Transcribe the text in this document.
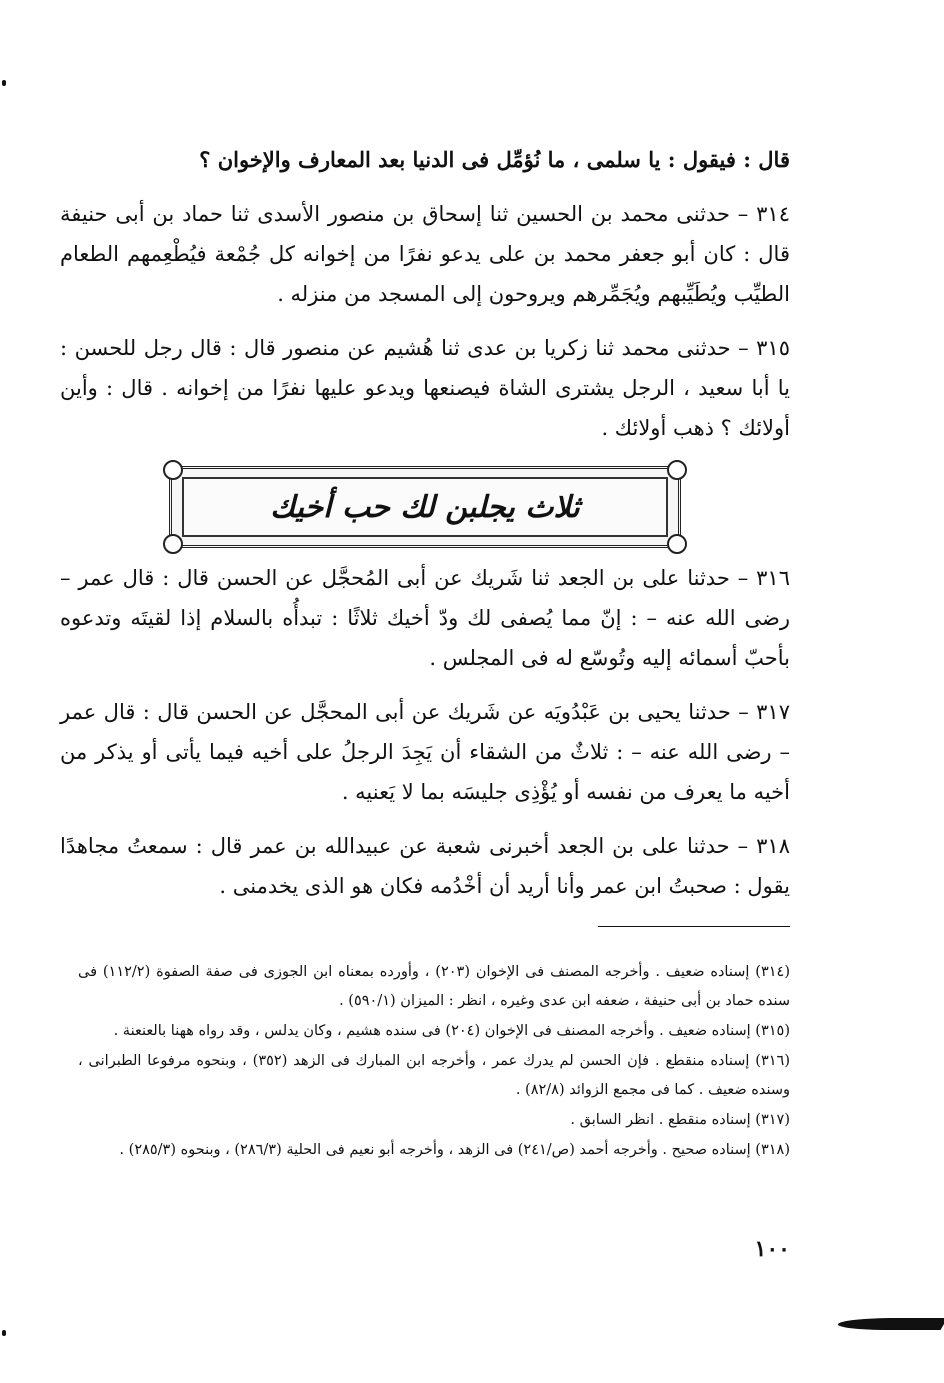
قال : فيقول : يا سلمى ، ما نُؤمِّل فى الدنيا بعد المعارف والإخوان ؟

٣١٤ – حدثنى محمد بن الحسين ثنا إسحاق بن منصور الأسدى ثنا حماد بن أبى حنيفة قال : كان أبو جعفر محمد بن على يدعو نفرًا من إخوانه كل جُمْعة فيُطْعِمهم الطعام الطيِّب ويُطَيِّبهم ويُجَمِّرهم ويروحون إلى المسجد من منزله .

٣١٥ – حدثنى محمد ثنا زكريا بن عدى ثنا هُشيم عن منصور قال : قال رجل للحسن : يا أبا سعيد ، الرجل يشترى الشاة فيصنعها ويدعو عليها نفرًا من إخوانه . قال : وأين أولائك ؟ ذهب أولائك .

ثلاث يجلبن لك حب أخيك

٣١٦ – حدثنا على بن الجعد ثنا شَريك عن أبى المُحجَّل عن الحسن قال : قال عمر – رضى الله عنه – : إنّ مما يُصفى لك ودّ أخيك ثلاثًا : تبدأُه بالسلام إذا لقيتَه وتدعوه بأحبّ أسمائه إليه وتُوسّع له فى المجلس .

٣١٧ – حدثنا يحيى بن عَبْدُويَه عن شَريك عن أبى المحجَّل عن الحسن قال : قال عمر – رضى الله عنه – : ثلاثٌ من الشقاء أن يَجِدَ الرجلُ على أخيه فيما يأتى أو يذكر من أخيه ما يعرف من نفسه أو يُؤْذِى جليسَه بما لا يَعنيه .

٣١٨ – حدثنا على بن الجعد أخبرنى شعبة عن عبيدالله بن عمر قال : سمعتُ مجاهدًا يقول : صحبتُ ابن عمر وأنا أريد أن أخْدُمه فكان هو الذى يخدمنى .

(٣١٤) إسناده ضعيف . وأخرجه المصنف فى الإخوان (٢٠٣) ، وأورده بمعناه ابن الجوزى فى صفة الصفوة (١١٢/٢) فى سنده حماد بن أبى حنيفة ، ضعفه ابن عدى وغيره ، انظر : الميزان (٥٩٠/١) .

(٣١٥) إسناده ضعيف . وأخرجه المصنف فى الإخوان (٢٠٤) فى سنده هشيم ، وكان يدلس ، وقد رواه ههنا بالعنعنة .

(٣١٦) إسناده منقطع . فإن الحسن لم يدرك عمر ، وأخرجه ابن المبارك فى الزهد (٣٥٢) ، وبنحوه مرفوعا الطبرانى ، وسنده ضعيف . كما فى مجمع الزوائد (٨٢/٨) .

(٣١٧) إسناده منقطع . انظر السابق .

(٣١٨) إسناده صحيح . وأخرجه أحمد (ص/٢٤١) فى الزهد ، وأخرجه أبو نعيم فى الحلية (٢٨٦/٣) ، وبنحوه (٢٨٥/٣) .

١٠٠
